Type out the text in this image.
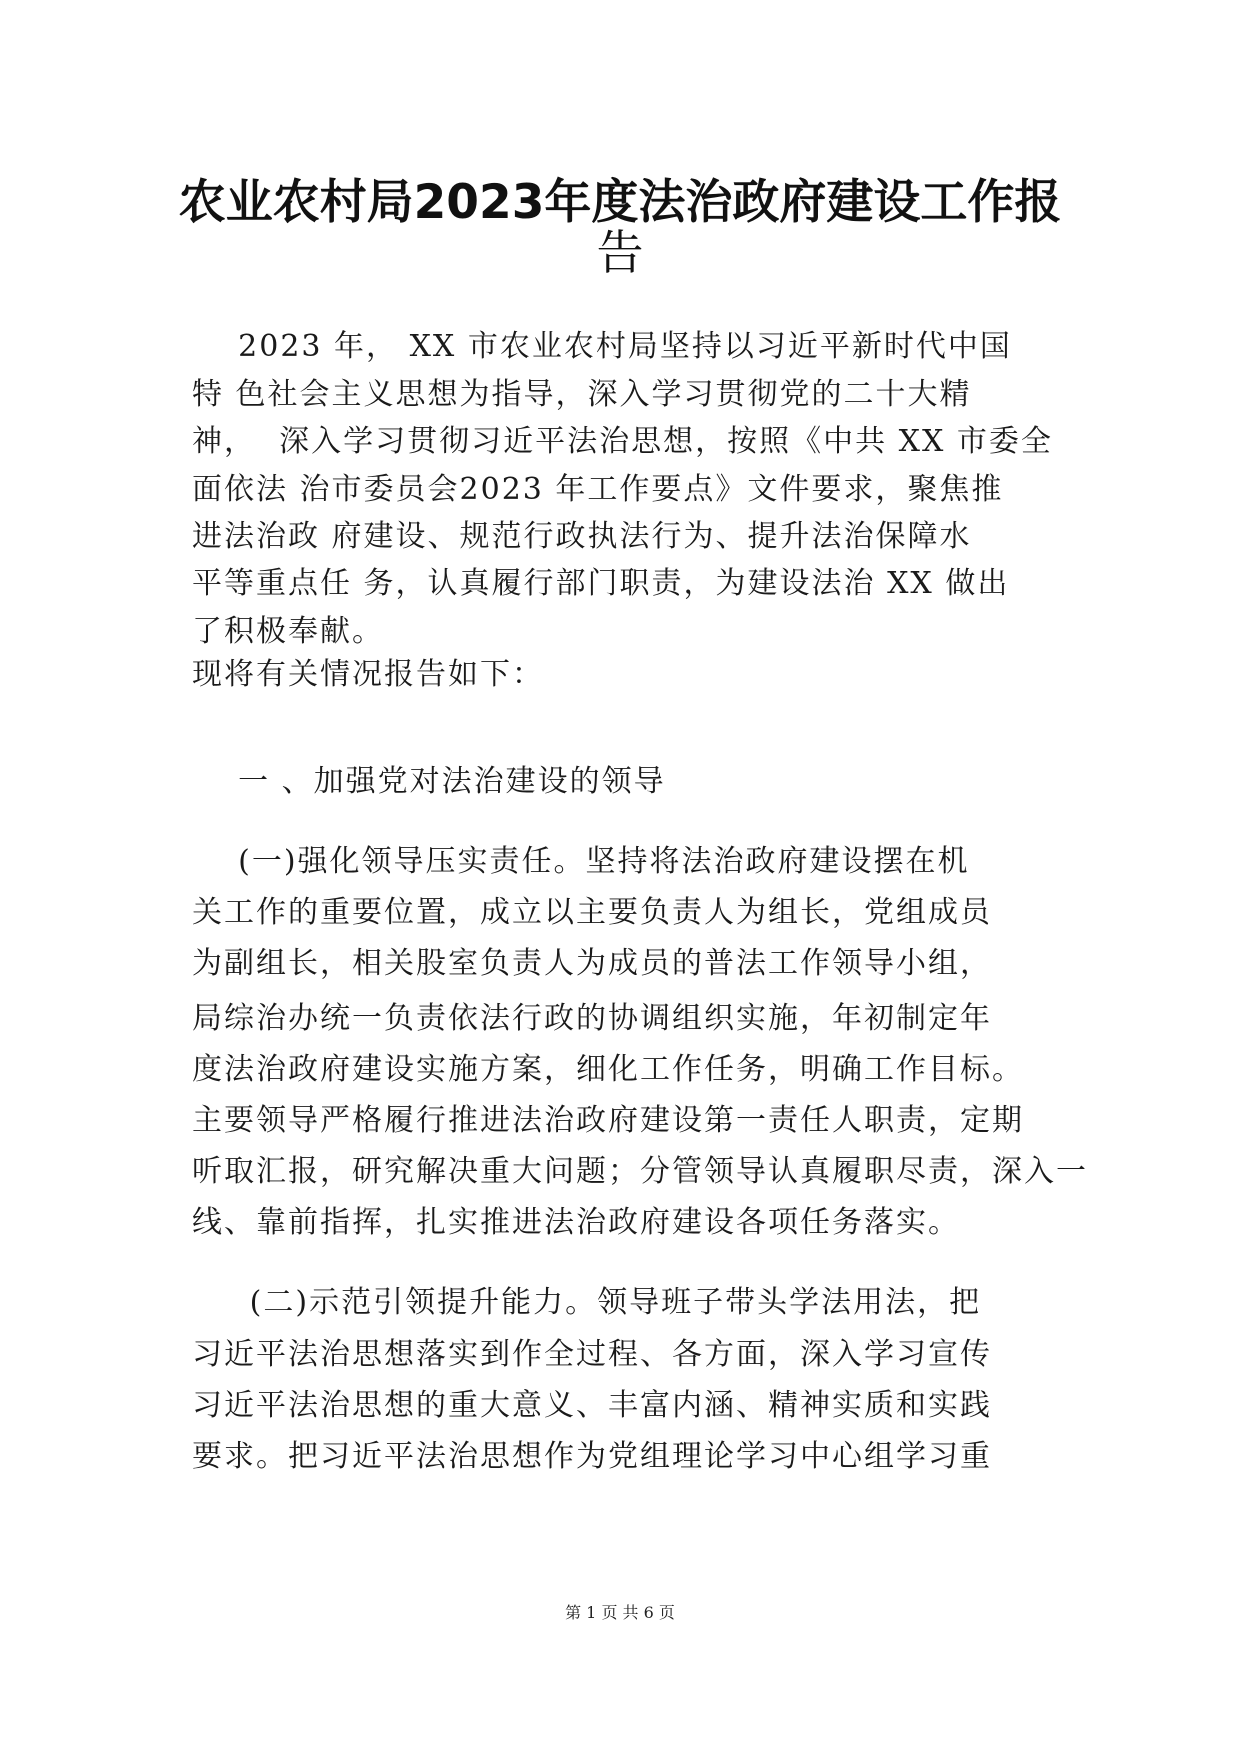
农业农村局2023年度法治政府建设工作报
告
2023 年， XX 市农业农村局坚持以习近平新时代中国
特 色社会主义思想为指导，深入学习贯彻党的二十大精
神，  深入学习贯彻习近平法治思想，按照《中共 XX 市委全
面依法 治市委员会2023 年工作要点》文件要求，聚焦推
进法治政 府建设、规范行政执法行为、提升法治保障水
平等重点任 务，认真履行部门职责，为建设法治 XX 做出
了积极奉献。
现将有关情况报告如下：
一 、加强党对法治建设的领导
(一)强化领导压实责任。坚持将法治政府建设摆在机
关工作的重要位置，成立以主要负责人为组长，党组成员
为副组长，相关股室负责人为成员的普法工作领导小组，
局综治办统一负责依法行政的协调组织实施，年初制定年
度法治政府建设实施方案，细化工作任务，明确工作目标。
主要领导严格履行推进法治政府建设第一责任人职责，定期
听取汇报，研究解决重大问题；分管领导认真履职尽责，深入一
线、靠前指挥，扎实推进法治政府建设各项任务落实。
(二)示范引领提升能力。领导班子带头学法用法，把
习近平法治思想落实到作全过程、各方面，深入学习宣传
习近平法治思想的重大意义、丰富内涵、精神实质和实践
要求。把习近平法治思想作为党组理论学习中心组学习重
第 1 页 共 6 页
